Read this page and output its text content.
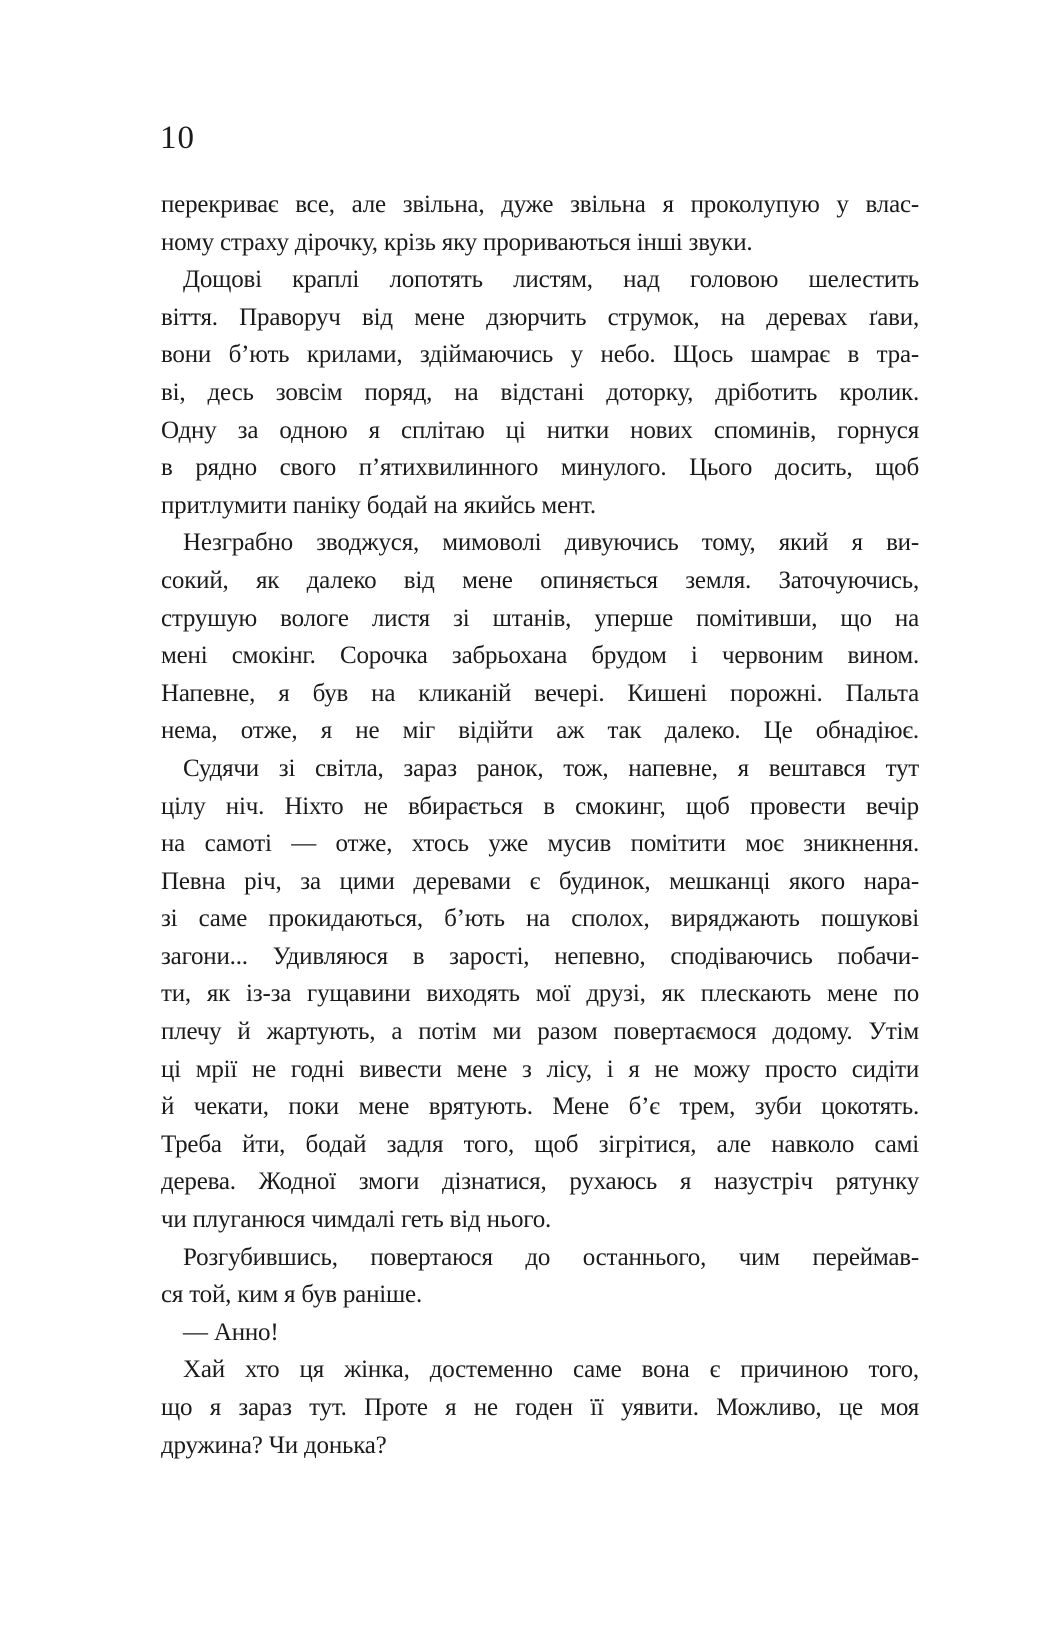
10
перекриває все, але звільна, дуже звільна я проколупую у влас-
ному страху дірочку, крізь яку прориваються інші звуки.
Дощові краплі лопотять листям, над головою шелестить
віття. Праворуч від мене дзюрчить струмок, на деревах ґави,
вони б’ють крилами, здіймаючись у небо. Щось шамрає в тра-
ві, десь зовсім поряд, на відстані доторку, дріботить кролик.
Одну за одною я сплітаю ці нитки нових споминів, горнуся
в рядно свого п’ятихвилинного минулого. Цього досить, щоб
притлумити паніку бодай на якийсь мент.
Незграбно зводжуся, мимоволі дивуючись тому, який я ви-
сокий, як далеко від мене опиняється земля. Заточуючись,
струшую вологе листя зі штанів, уперше помітивши, що на
мені смокінг. Сорочка забрьохана брудом і червоним вином.
Напевне, я був на кликаній вечері. Кишені порожні. Пальта
нема, отже, я не міг відійти аж так далеко. Це обнадіює.
Судячи зі світла, зараз ранок, тож, напевне, я вештався тут
цілу ніч. Ніхто не вбирається в смокинг, щоб провести вечір
на самоті — отже, хтось уже мусив помітити моє зникнення.
Певна річ, за цими деревами є будинок, мешканці якого нара-
зі саме прокидаються, б’ють на сполох, виряджають пошукові
загони... Удивляюся в зарості, непевно, сподіваючись побачи-
ти, як із-за гущавини виходять мої друзі, як плескають мене по
плечу й жартують, а потім ми разом повертаємося додому. Утім
ці мрії не годні вивести мене з лісу, і я не можу просто сидіти
й чекати, поки мене врятують. Мене б’є трем, зуби цокотять.
Треба йти, бодай задля того, щоб зігрітися, але навколо самі
дерева. Жодної змоги дізнатися, рухаюсь я назустріч рятунку
чи плуганюся чимдалі геть від нього.
Розгубившись, повертаюся до останнього, чим переймав-
ся той, ким я був раніше.
— Анно!
Хай хто ця жінка, достеменно саме вона є причиною того,
що я зараз тут. Проте я не годен її уявити. Можливо, це моя
дружина? Чи донька?
